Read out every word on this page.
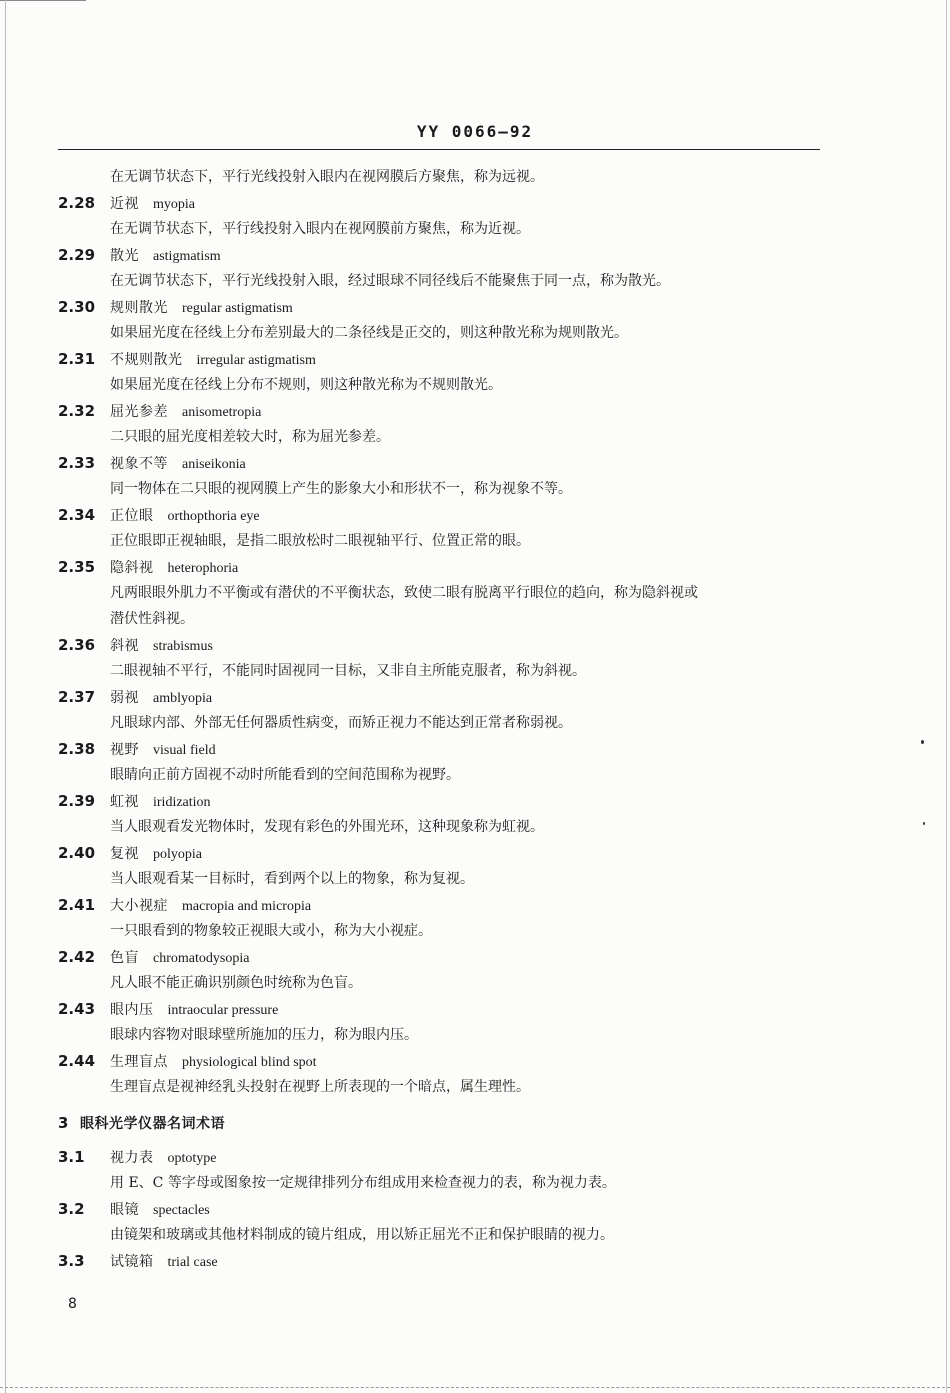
YY 0066—92
在无调节状态下，平行光线投射入眼内在视网膜后方聚焦，称为远视。
2.28 近视 myopia
在无调节状态下，平行线投射入眼内在视网膜前方聚焦，称为近视。
2.29 散光 astigmatism
在无调节状态下，平行光线投射入眼，经过眼球不同径线后不能聚焦于同一点，称为散光。
2.30 规则散光 regular astigmatism
如果屈光度在径线上分布差别最大的二条径线是正交的，则这种散光称为规则散光。
2.31 不规则散光 irregular astigmatism
如果屈光度在径线上分布不规则，则这种散光称为不规则散光。
2.32 屈光参差 anisometropia
二只眼的屈光度相差较大时，称为屈光参差。
2.33 视象不等 aniseikonia
同一物体在二只眼的视网膜上产生的影象大小和形状不一，称为视象不等。
2.34 正位眼 orthopthoria eye
正位眼即正视轴眼，是指二眼放松时二眼视轴平行、位置正常的眼。
2.35 隐斜视 heterophoria
凡两眼眼外肌力不平衡或有潜伏的不平衡状态，致使二眼有脱离平行眼位的趋向，称为隐斜视或
潜伏性斜视。
2.36 斜视 strabismus
二眼视轴不平行，不能同时固视同一目标，又非自主所能克服者，称为斜视。
2.37 弱视 amblyopia
凡眼球内部、外部无任何器质性病变，而矫正视力不能达到正常者称弱视。
2.38 视野 visual field
眼睛向正前方固视不动时所能看到的空间范围称为视野。
2.39 虹视 iridization
当人眼观看发光物体时，发现有彩色的外围光环，这种现象称为虹视。
2.40 复视 polyopia
当人眼观看某一目标时，看到两个以上的物象，称为复视。
2.41 大小视症 macropia and micropia
一只眼看到的物象较正视眼大或小，称为大小视症。
2.42 色盲 chromatodysopia
凡人眼不能正确识别颜色时统称为色盲。
2.43 眼内压 intraocular pressure
眼球内容物对眼球壁所施加的压力，称为眼内压。
2.44 生理盲点 physiological blind spot
生理盲点是视神经乳头投射在视野上所表现的一个暗点，属生理性。
3 眼科光学仪器名词术语
3.1 视力表 optotype
用 E、C 等字母或图象按一定规律排列分布组成用来检查视力的表，称为视力表。
3.2 眼镜 spectacles
由镜架和玻璃或其他材料制成的镜片组成，用以矫正屈光不正和保护眼睛的视力。
3.3 试镜箱 trial case
8
